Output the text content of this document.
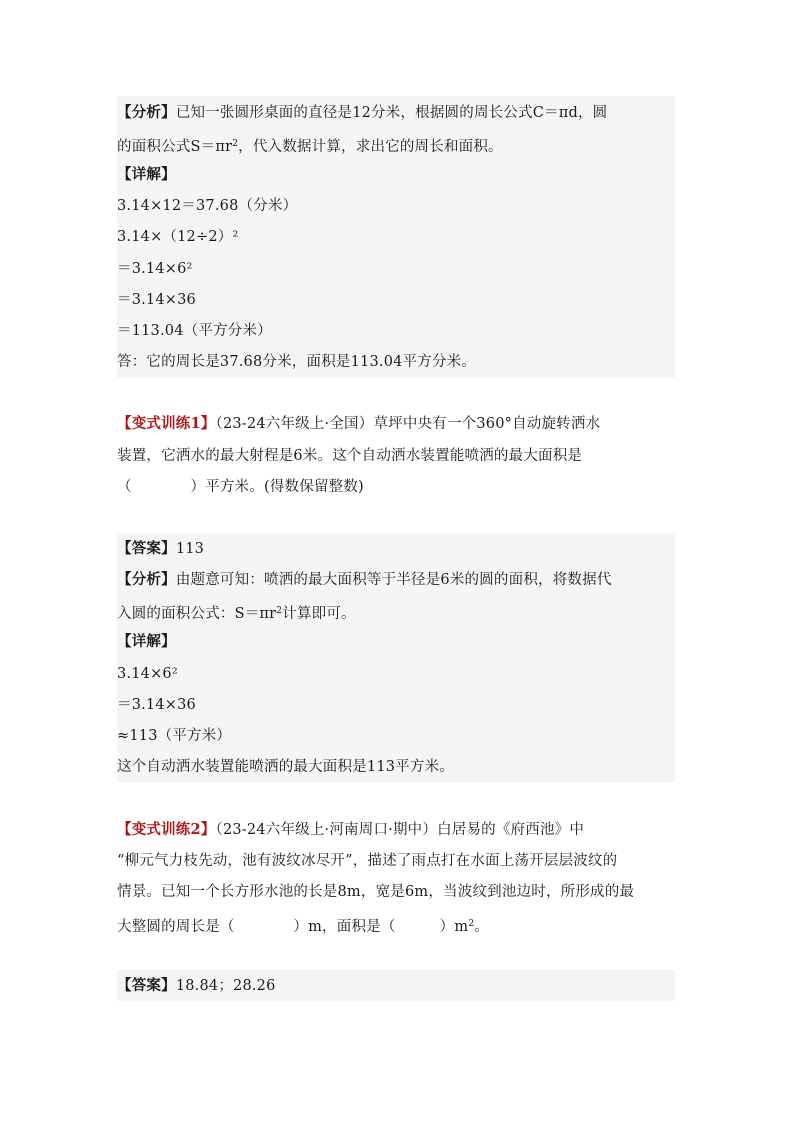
【分析】已知一张圆形桌面的直径是12分米，根据圆的周长公式C＝πd，圆
的面积公式$S=\pi r^2$，代入数据计算，求出它的周长和面积。
【详解】
3.14×12＝37.68（分米）
3.14×（12÷2）²
＝3.14×6²
＝3.14×36
＝113.04（平方分米）
答：它的周长是37.68分米，面积是113.04平方分米。
【变式训练1】（23-24六年级上·全国）草坪中央有一个360°自动旋转洒水
装置，它洒水的最大射程是6米。这个自动洒水装置能喷洒的最大面积是
（　　　　）平方米。(得数保留整数)
【答案】113
【分析】由题意可知：喷洒的最大面积等于半径是6米的圆的面积，将数据代
入圆的面积公式：$S=\pi r^2$计算即可。
【详解】
3.14×6²
＝3.14×36
≈113（平方米）
这个自动洒水装置能喷洒的最大面积是113平方米。
【变式训练2】（23-24六年级上·河南周口·期中）白居易的《府西池》中
“柳元气力枝先动，池有波纹冰尽开”，描述了雨点打在水面上荡开层层波纹的
情景。已知一个长方形水池的长是8m，宽是6m，当波纹到池边时，所形成的最
大整圆的周长是（　　　　）m，面积是（　　　）$m^2$。
【答案】18.84；28.26
